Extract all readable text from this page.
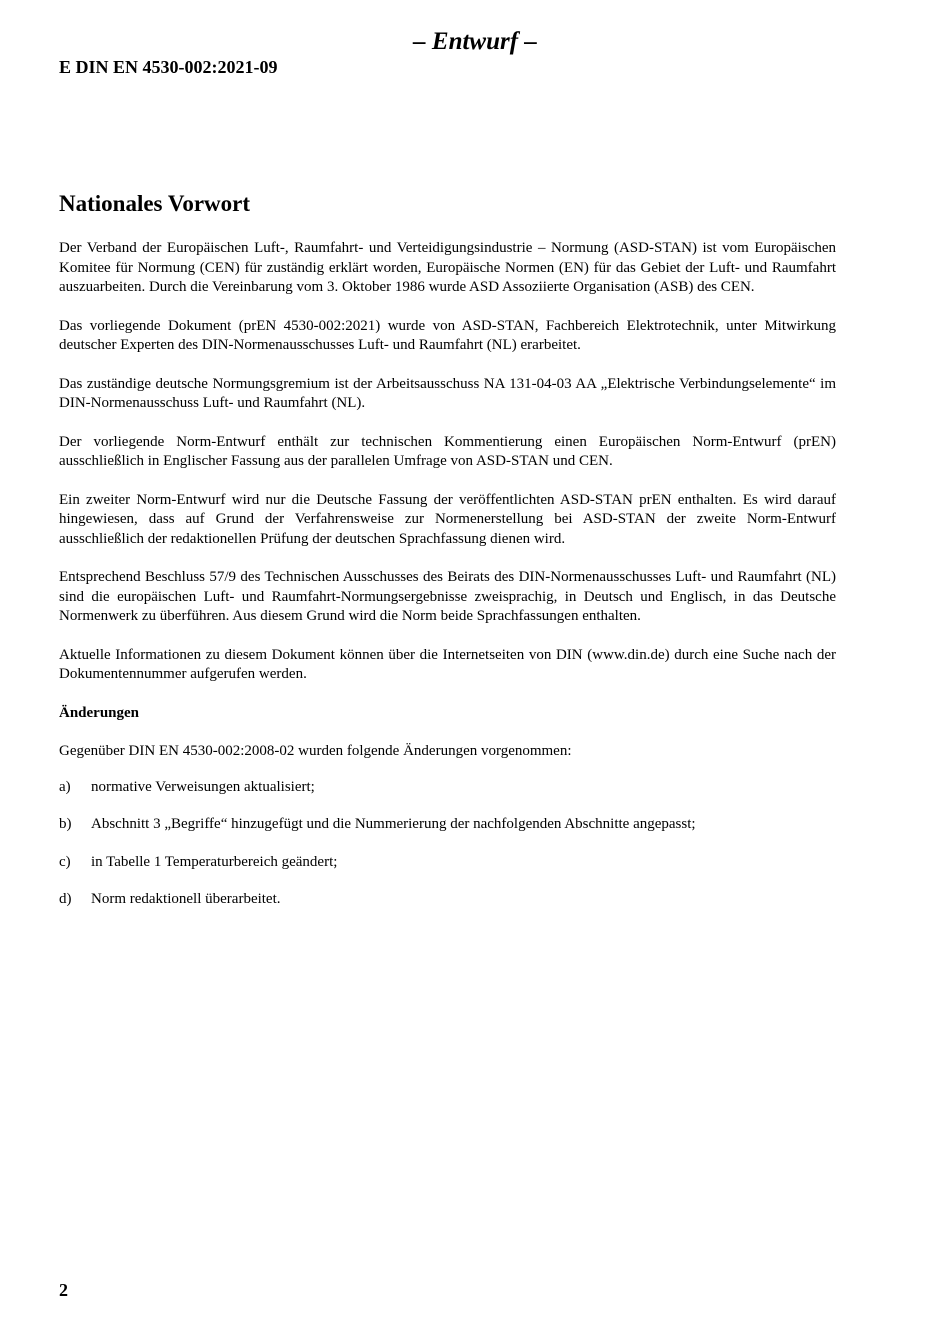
– Entwurf –
E DIN EN 4530-002:2021-09
Nationales Vorwort

Der Verband der Europäischen Luft-, Raumfahrt- und Verteidigungsindustrie – Normung (ASD-STAN) ist vom Europäischen Komitee für Normung (CEN) für zuständig erklärt worden, Europäische Normen (EN) für das Gebiet der Luft- und Raumfahrt auszuarbeiten. Durch die Vereinbarung vom 3. Oktober 1986 wurde ASD Assoziierte Organisation (ASB) des CEN.

Das vorliegende Dokument (prEN 4530-002:2021) wurde von ASD-STAN, Fachbereich Elektrotechnik, unter Mitwirkung deutscher Experten des DIN-Normenausschusses Luft- und Raumfahrt (NL) erarbeitet.

Das zuständige deutsche Normungsgremium ist der Arbeitsausschuss NA 131-04-03 AA „Elektrische Verbindungselemente“ im DIN-Normenausschuss Luft- und Raumfahrt (NL).

Der vorliegende Norm-Entwurf enthält zur technischen Kommentierung einen Europäischen Norm-Entwurf (prEN) ausschließlich in Englischer Fassung aus der parallelen Umfrage von ASD-STAN und CEN.

Ein zweiter Norm-Entwurf wird nur die Deutsche Fassung der veröffentlichten ASD-STAN prEN enthalten. Es wird darauf hingewiesen, dass auf Grund der Verfahrensweise zur Normenerstellung bei ASD-STAN der zweite Norm-Entwurf ausschließlich der redaktionellen Prüfung der deutschen Sprachfassung dienen wird.

Entsprechend Beschluss 57/9 des Technischen Ausschusses des Beirats des DIN-Normenausschusses Luft- und Raumfahrt (NL) sind die europäischen Luft- und Raumfahrt-Normungsergebnisse zweisprachig, in Deutsch und Englisch, in das Deutsche Normenwerk zu überführen. Aus diesem Grund wird die Norm beide Sprachfassungen enthalten.

Aktuelle Informationen zu diesem Dokument können über die Internetseiten von DIN (www.din.de) durch eine Suche nach der Dokumentennummer aufgerufen werden.

Änderungen

Gegenüber DIN EN 4530-002:2008-02 wurden folgende Änderungen vorgenommen:

a)	normative Verweisungen aktualisiert;
b)	Abschnitt 3 „Begriffe“ hinzugefügt und die Nummerierung der nachfolgenden Abschnitte angepasst;
c)	in Tabelle 1 Temperaturbereich geändert;
d)	Norm redaktionell überarbeitet.
2
